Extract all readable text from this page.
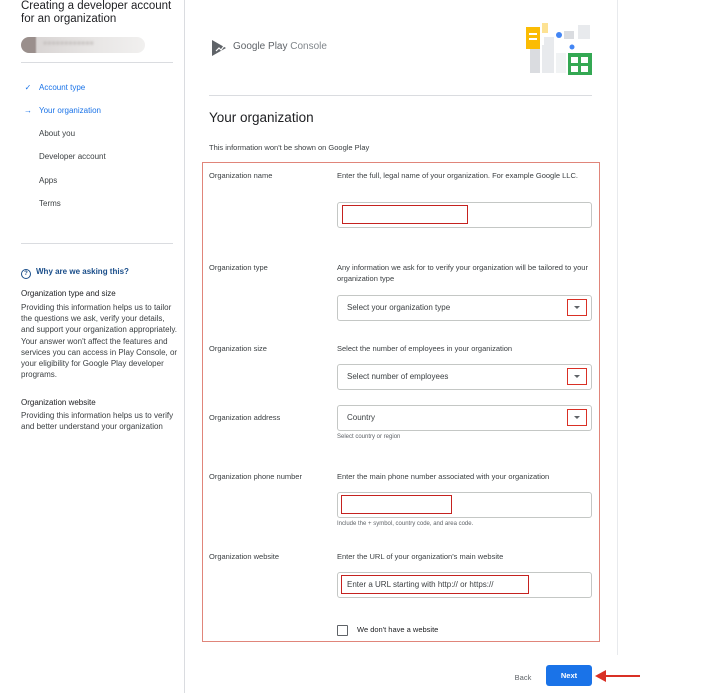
Creating a developer account for an organization
●●●●●●●●●●●●
✓ Account type
→ Your organization
About you
Developer account
Apps
Terms
? Why are we asking this?
Organization type and size
Providing this information helps us to tailor the questions we ask, verify your details, and support your organization appropriately. Your answer won't affect the features and services you can access in Play Console, or your eligibility for Google Play developer programs.
Organization website
Providing this information helps us to verify and better understand your organization
Google Play Console
Your organization
This information won't be shown on Google Play
Organization name	Enter the full, legal name of your organization. For example Google LLC.
Organization type	Any information we ask for to verify your organization will be tailored to your organization type
Select your organization type
Organization size	Select the number of employees in your organization
Select number of employees
Organization address	Country
Select country or region
Organization phone number	Enter the main phone number associated with your organization
Include the + symbol, country code, and area code.
Organization website	Enter the URL of your organization's main website
Enter a URL starting with http:// or https://
We don't have a website
Back	Next
